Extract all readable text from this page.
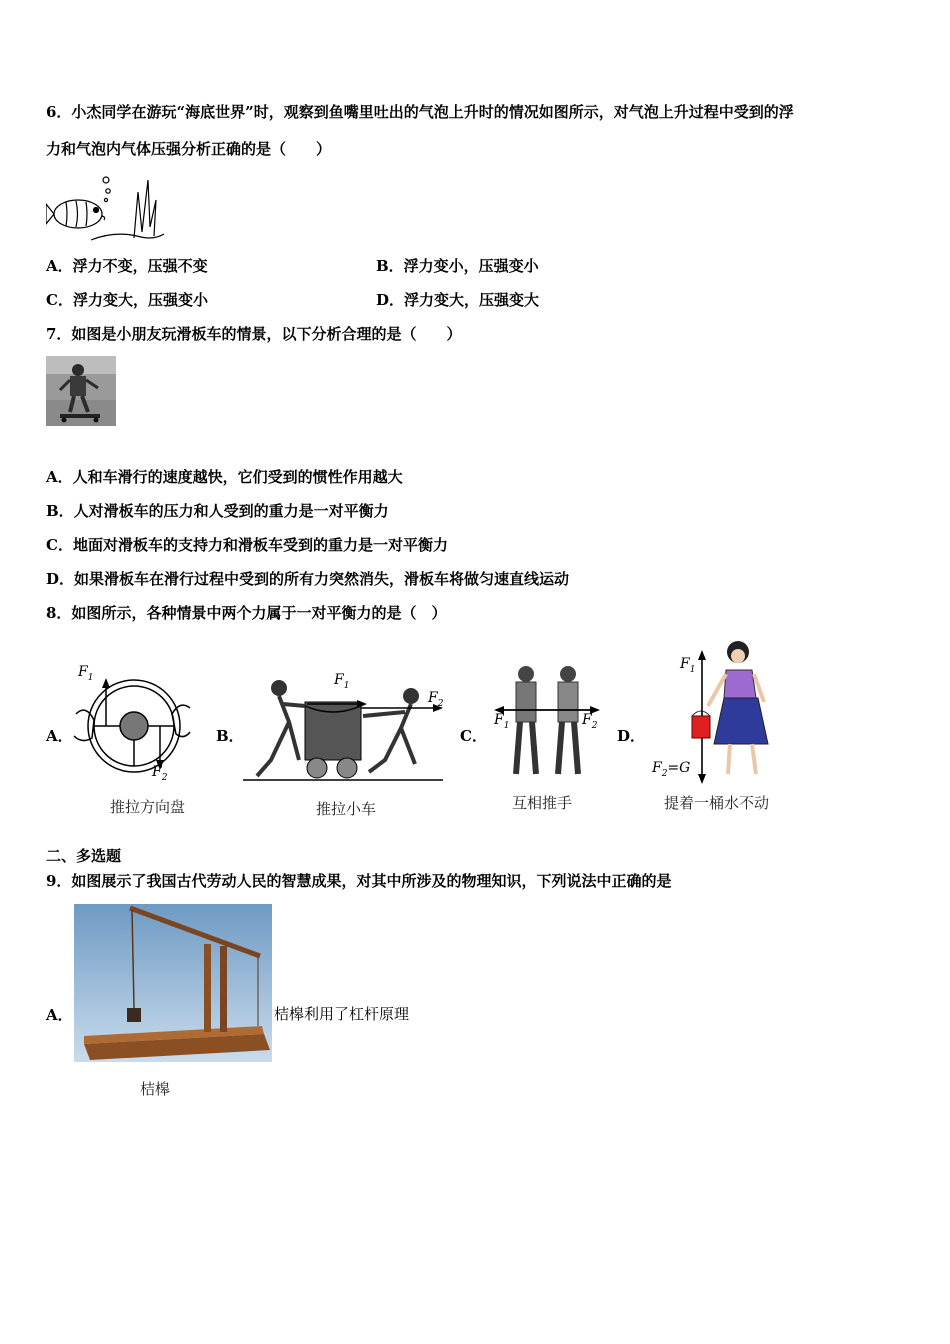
6．小杰同学在游玩“海底世界”时，观察到鱼嘴里吐出的气泡上升时的情况如图所示，对气泡上升过程中受到的浮
力和气泡内气体压强分析正确的是（　　）
A．浮力不变，压强不变	B．浮力变小，压强变小
C．浮力变大，压强变小	D．浮力变大，压强变大
7．如图是小朋友玩滑板车的情景，以下分析合理的是（　　）
A．人和车滑行的速度越快，它们受到的惯性作用越大
B．人对滑板车的压力和人受到的重力是一对平衡力
C．地面对滑板车的支持力和滑板车受到的重力是一对平衡力
D．如果滑板车在滑行过程中受到的所有力突然消失，滑板车将做匀速直线运动
8．如图所示，各种情景中两个力属于一对平衡力的是（　）
A．	B．	C．	D．
$F_1$
$F_2$
推拉方向盘
$F_1$
$F_2$
推拉小车
$F_1$	$F_2$
互相推手
$F_1$
$F_2=G$
提着一桶水不动
二、多选题
9．如图展示了我国古代劳动人民的智慧成果，对其中所涉及的物理知识，下列说法中正确的是
A．	桔槔利用了杠杆原理
桔槔
